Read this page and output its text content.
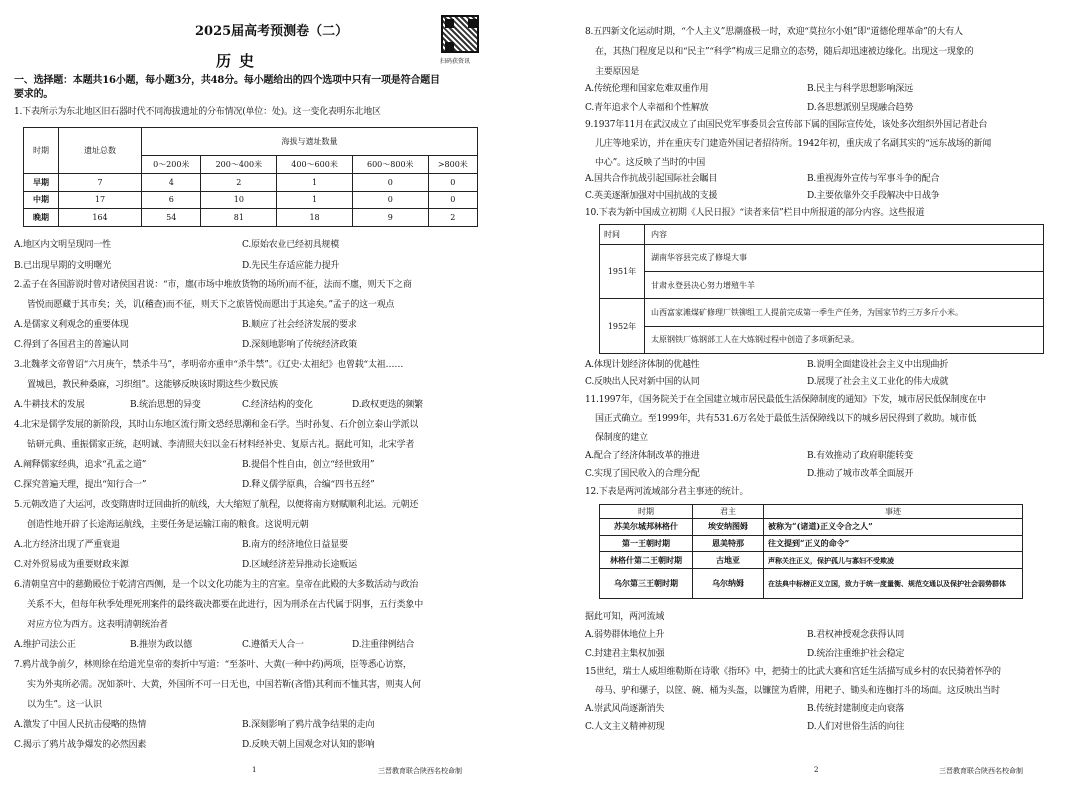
2025届高考预测卷（二）
扫码获资讯
历史
一、选择题：本题共16小题，每小题3分，共48分。每小题给出的四个选项中只有一项是符合题目
要求的。
1.下表所示为东北地区旧石器时代不同海拔遗址的分布情况(单位：处)。这一变化表明东北地区
时期	遗址总数	海拔与遗址数量				
		0～200米	200～400米	400～600米	600～800米	>800米
早期	7	4	2	1	0	0
中期	17	6	10	1	0	0
晚期	164	54	81	18	9	2
A.地区内文明呈现同一性	C.原始农业已经初具规模
B.已出现早期的文明曙光	D.先民生存适应能力提升
2.孟子在各国游说时曾对诸侯国君说：“市，廛(市场中堆放货物的场所)而不征，法而不廛，则天下之商
皆悦而愿藏于其市矣；关，讥(稽查)而不征，则天下之旅皆悦而愿出于其途矣。”孟子的这一观点
A.是儒家义利观念的重要体现	B.顺应了社会经济发展的要求
C.得到了各国君主的普遍认同	D.深刻地影响了传统经济政策
3.北魏孝文帝曾诏“六月庚午，禁杀牛马”，孝明帝亦重申“杀牛禁”。《辽史·太祖纪》也曾载“太祖……
置城邑，教民种桑麻，习织组”。这能够反映该时期这些少数民族
A.牛耕技术的发展	B.统治思想的异变	C.经济结构的变化	D.政权更迭的频繁
4.北宋是儒学发展的新阶段，其时山东地区流行斯文恐经思潮和金石学。当时孙复、石介创立泰山学派以
钻研元典、重振儒家正统，赵明诚、李清照夫妇以金石材料经补史、复原古礼。据此可知，北宋学者
A.阐释儒家经典，追求“孔孟之道”	B.提倡个性自由，创立“经世致用”
C.探究普遍天理，提出“知行合一”	D.释义儒学原典，合编“四书五经”
5.元朝改造了大运河，改变隋唐时迂回曲折的航线，大大缩短了航程，以便将南方财赋顺利北运。元朝还
创造性地开辟了长途海运航线，主要任务是运输江南的粮食。这说明元朝
A.北方经济出现了严重衰退	B.南方的经济地位日益显要
C.对外贸易成为重要财政来源	D.区域经济差异推动长途贩运
6.清朝皇宫中的慈勤殿位于乾清宫西侧，是一个以文化功能为主的宫室。皇帝在此殿的大多数活动与政治
关系不大，但每年秋季处理死刑案件的最终裁决都要在此进行，因为刑杀在古代属于阴事，五行类象中
对应方位为西方。这表明清朝统治者
A.维护司法公正	B.推崇为政以德	C.遵循天人合一	D.注重律例结合
7.鸦片战争前夕，林则徐在给道光皇帝的奏折中写道：“至茶叶、大黄(一种中药)两项，臣等悉心访察，
实为外夷所必需。况如茶叶、大黄，外国所不可一日无也，中国若靳(吝惜)其利而不恤其害，则夷人何
以为生”。这一认识
A.激发了中国人民抗击侵略的热情	B.深刻影响了鸦片战争结果的走向
C.揭示了鸦片战争爆发的必然因素	D.反映天朝上国观念对认知的影响
1	三晋教育联合陕西名校命制
8.五四新文化运动时期，“个人主义”思潮盛极一时，欢迎“莫拉尔小姐”即“道德伦理革命”的大有人
在，其热门程度足以和“民主”“科学”构成三足鼎立的态势，随后却迅速被边缘化。出现这一现象的
主要原因是
A.传统伦理和国家危难双重作用	B.民主与科学思想影响深远
C.青年追求个人幸福和个性解放	D.各思想派别呈现融合趋势
9.1937年11月在武汉成立了由国民党军事委员会宣传部下属的国际宣传处，该处多次组织外国记者赴台
儿庄等地采访，并在重庆专门建造外国记者招待所。1942年初，重庆成了名副其实的“远东战场的新闻
中心”。这反映了当时的中国
A.国共合作抗战引起国际社会瞩目	B.重视海外宣传与军事斗争的配合
C.英美逐渐加强对中国抗战的支援	D.主要依靠外交手段解决中日战争
10.下表为新中国成立初期《人民日报》“读者来信”栏目中所报道的部分内容。这些报道
时间	内容
1951年	湖南华容县完成了修堤大事
	甘肃永登县决心努力增殖牛羊
1952年	山西富家滩煤矿修理厂铁铆组工人提前完成第一季生产任务，为国家节约三万多斤小米。
	太原钢铁厂炼钢部工人在大炼钢过程中创造了多项新纪录。
A.体现计划经济体制的优越性	B.说明全面建设社会主义中出现曲折
C.反映出人民对新中国的认同	D.展现了社会主义工业化的伟大成就
11.1997年，《国务院关于在全国建立城市居民最低生活保障制度的通知》下发，城市居民低保制度在中
国正式确立。至1999年，共有531.6万名处于最低生活保障线以下的城乡居民得到了救助。城市低
保制度的建立
A.配合了经济体制改革的推进	B.有效推动了政府职能转变
C.实现了国民收入的合理分配	D.推动了城市改革全面展开
12.下表是两河流域部分君主事迹的统计。
时期	君主	事迹
苏美尔城邦林格什	埃安纳图姆	被称为“(诸道)正义令合之人”
第一王朝时期	恩美特那	往文提到“正义的命令”
林格什第二王朝时期	古地亚	声称关注正义，保护孤儿与寡妇不受欺凌
乌尔第三王朝时期	乌尔纳姆	在法典中标榜正义立国，致力于统一度量衡、规范交通以及保护社会弱势群体
据此可知，两河流域
A.弱势群体地位上升	B.君权神授观念获得认同
C.封建君主集权加强	D.统治注重维护社会稳定
15世纪，瑞士人威坦维勒斯在诗歌《指环》中，把骑士的比武大赛和宫廷生活描写成乡村的农民骑着怀孕的
母马、驴和骡子，以筐、碗、桶为头盔，以镰筐为盾牌，用耙子、锄头和连枷打斗的场面。这反映出当时
A.崇武风尚逐渐消失	B.传统封建制度走向衰落
C.人文主义精神初现	D.人们对世俗生活的向往
2	三晋教育联合陕西名校命制
